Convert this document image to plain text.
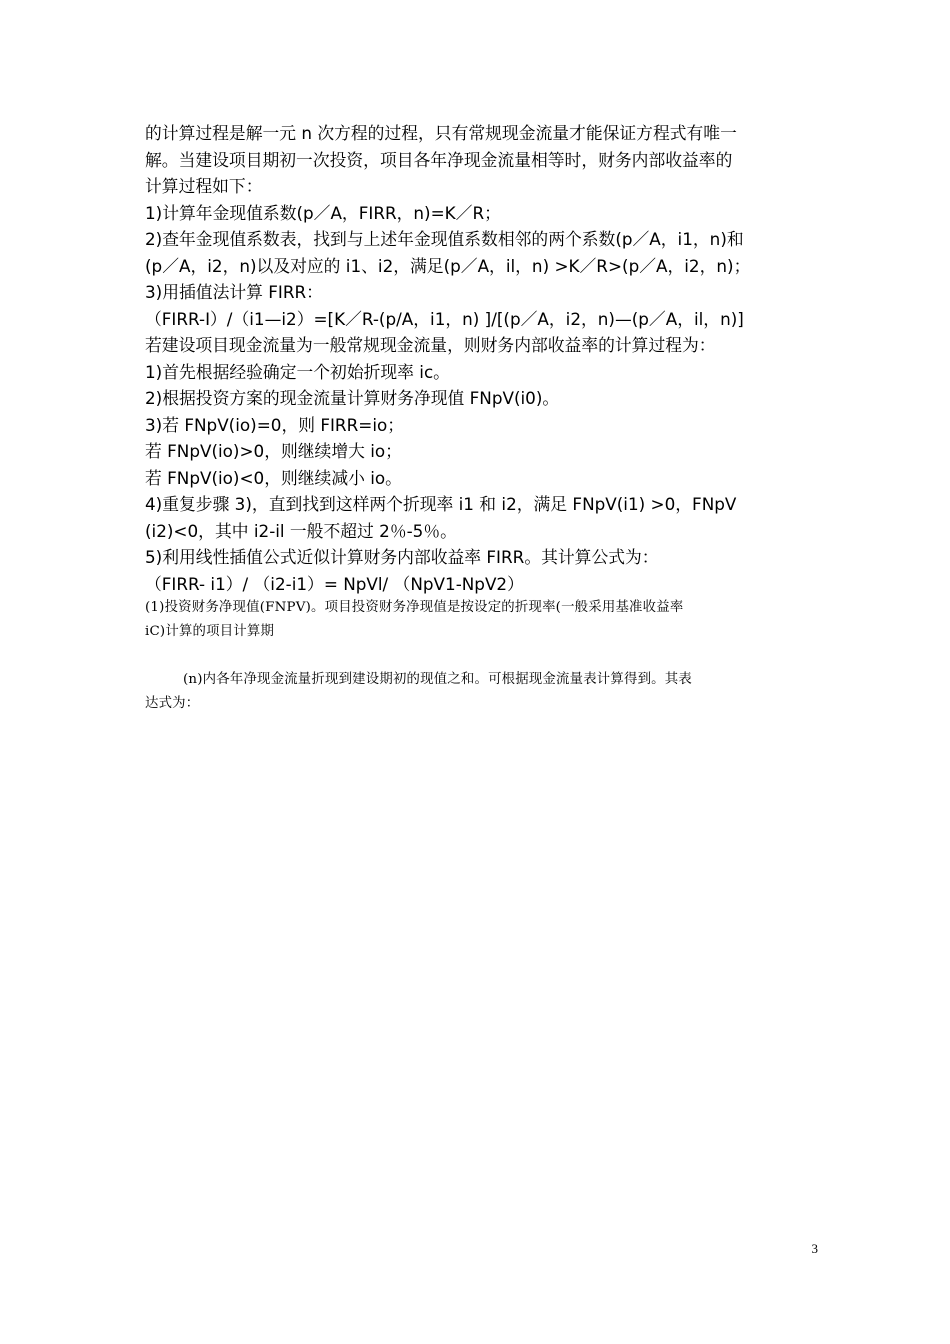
的计算过程是解一元 n 次方程的过程，只有常规现金流量才能保证方程式有唯一
解。当建设项目期初一次投资，项目各年净现金流量相等时，财务内部收益率的
计算过程如下：
1)计算年金现值系数(p／A，FIRR，n)=K／R；
2)查年金现值系数表，找到与上述年金现值系数相邻的两个系数(p／A，i1，n)和
(p／A，i2，n)以及对应的 i1、i2，满足(p／A，il，n) >K／R>(p／A，i2，n)；
3)用插值法计算 FIRR：
（FIRR-I）/（i1—i2）=[K／R-(p/A，i1，n) ]/[(p／A，i2，n)—(p／A，il，n)]
若建设项目现金流量为一般常规现金流量，则财务内部收益率的计算过程为：
1)首先根据经验确定一个初始折现率 ic。
2)根据投资方案的现金流量计算财务净现值 FNpV(i0)。
3)若 FNpV(io)=0，则 FIRR=io；
若 FNpV(io)>0，则继续增大 io；
若 FNpV(io)<0，则继续减小 io。
4)重复步骤 3)，直到找到这样两个折现率 i1 和 i2，满足 FNpV(i1) >0，FNpV
(i2)<0，其中 i2-il 一般不超过 2％-5％。
5)利用线性插值公式近似计算财务内部收益率 FIRR。其计算公式为：
（FIRR- i1）/ （i2-i1）= NpVl/ （NpV1-NpV2）
(1)投资财务净现值(FNPV)。项目投资财务净现值是按设定的折现率(一般采用基准收益率
iC)计算的项目计算期
(n)内各年净现金流量折现到建设期初的现值之和。可根据现金流量表计算得到。其表
达式为：
3
